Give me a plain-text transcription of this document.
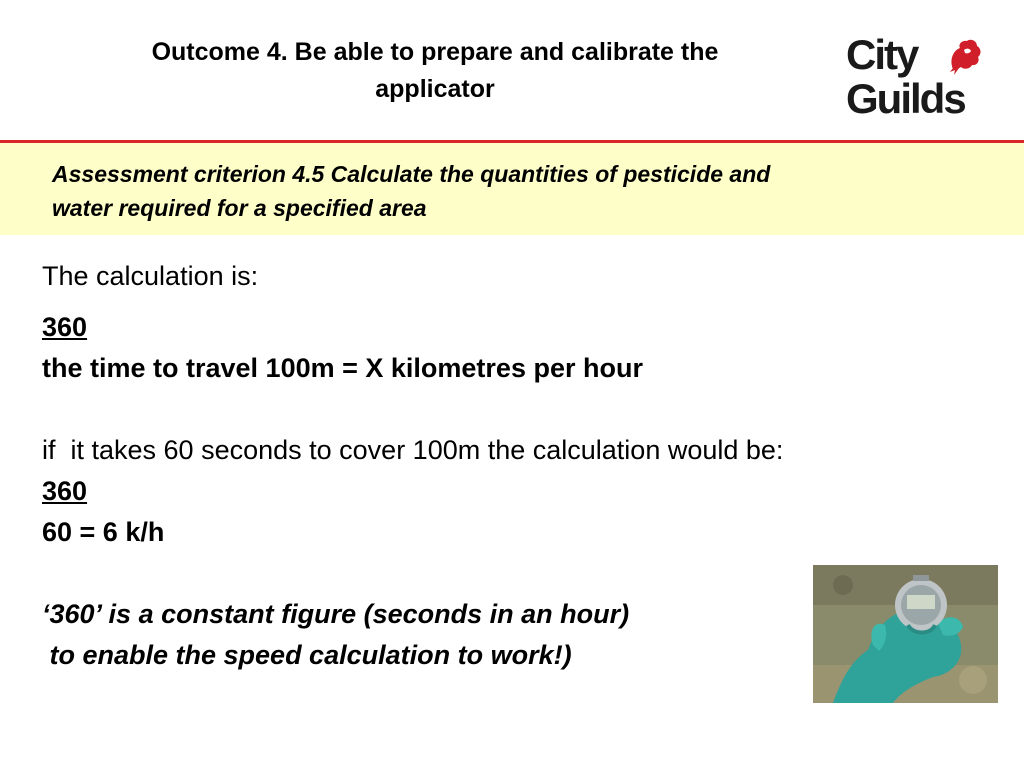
Outcome 4. Be able to prepare and calibrate the
applicator
City
Guilds

Assessment criterion 4.5 Calculate the quantities of pesticide and
water required for a specified area

The calculation is:
360
the time to travel 100m = X kilometres per hour
if  it takes 60 seconds to cover 100m the calculation would be:
360
60 = 6 k/h
‘360’ is a constant figure (seconds in an hour)
to enable the speed calculation to work!)
